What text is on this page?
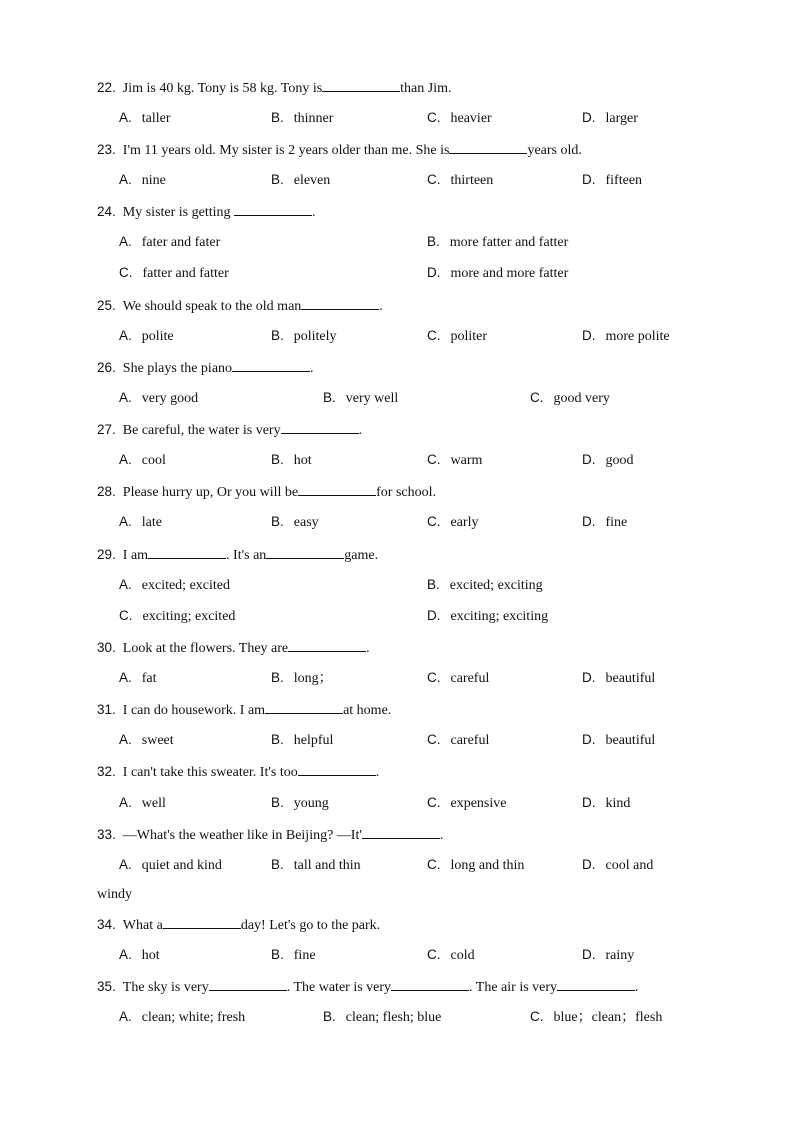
22. Jim is 40 kg. Tony is 58 kg. Tony is	than Jim.
A. taller	B. thinner	C. heavier	D. larger
23. I'm 11 years old. My sister is 2 years older than me. She is	years old.
A. nine	B. eleven	C. thirteen	D. fifteen
24. My sister is getting	.
A. fater and fater	B. more fatter and fatter
C. fatter and fatter	D. more and more fatter
25. We should speak to the old man	.
A. polite	B. politely	C. politer	D. more polite
26. She plays the piano	.
A. very good	B. very well	C. good very
27. Be careful, the water is very	.
A. cool	B. hot	C. warm	D. good
28. Please hurry up, Or you will be	for school.
A. late	B. easy	C. early	D. fine
29. I am	. It's an	game.
A. excited; excited	B. excited; exciting
C. exciting; excited	D. exciting; exciting
30. Look at the flowers. They are	.
A. fat	B. long；	C. careful	D. beautiful
31. I can do housework. I am	at home.
A. sweet	B. helpful	C. careful	D. beautiful
32. I can't take this sweater. It's too	.
A. well	B. young	C. expensive	D. kind
33. —What's the weather like in Beijing? —It'	.
A. quiet and kind	B. tall and thin	C. long and thin	D. cool and
windy
34. What a	day! Let's go to the park.
A. hot	B. fine	C. cold	D. rainy
35. The sky is very	. The water is very	. The air is very	.
A. clean; white; fresh	B. clean; flesh; blue	C. blue；clean；flesh
